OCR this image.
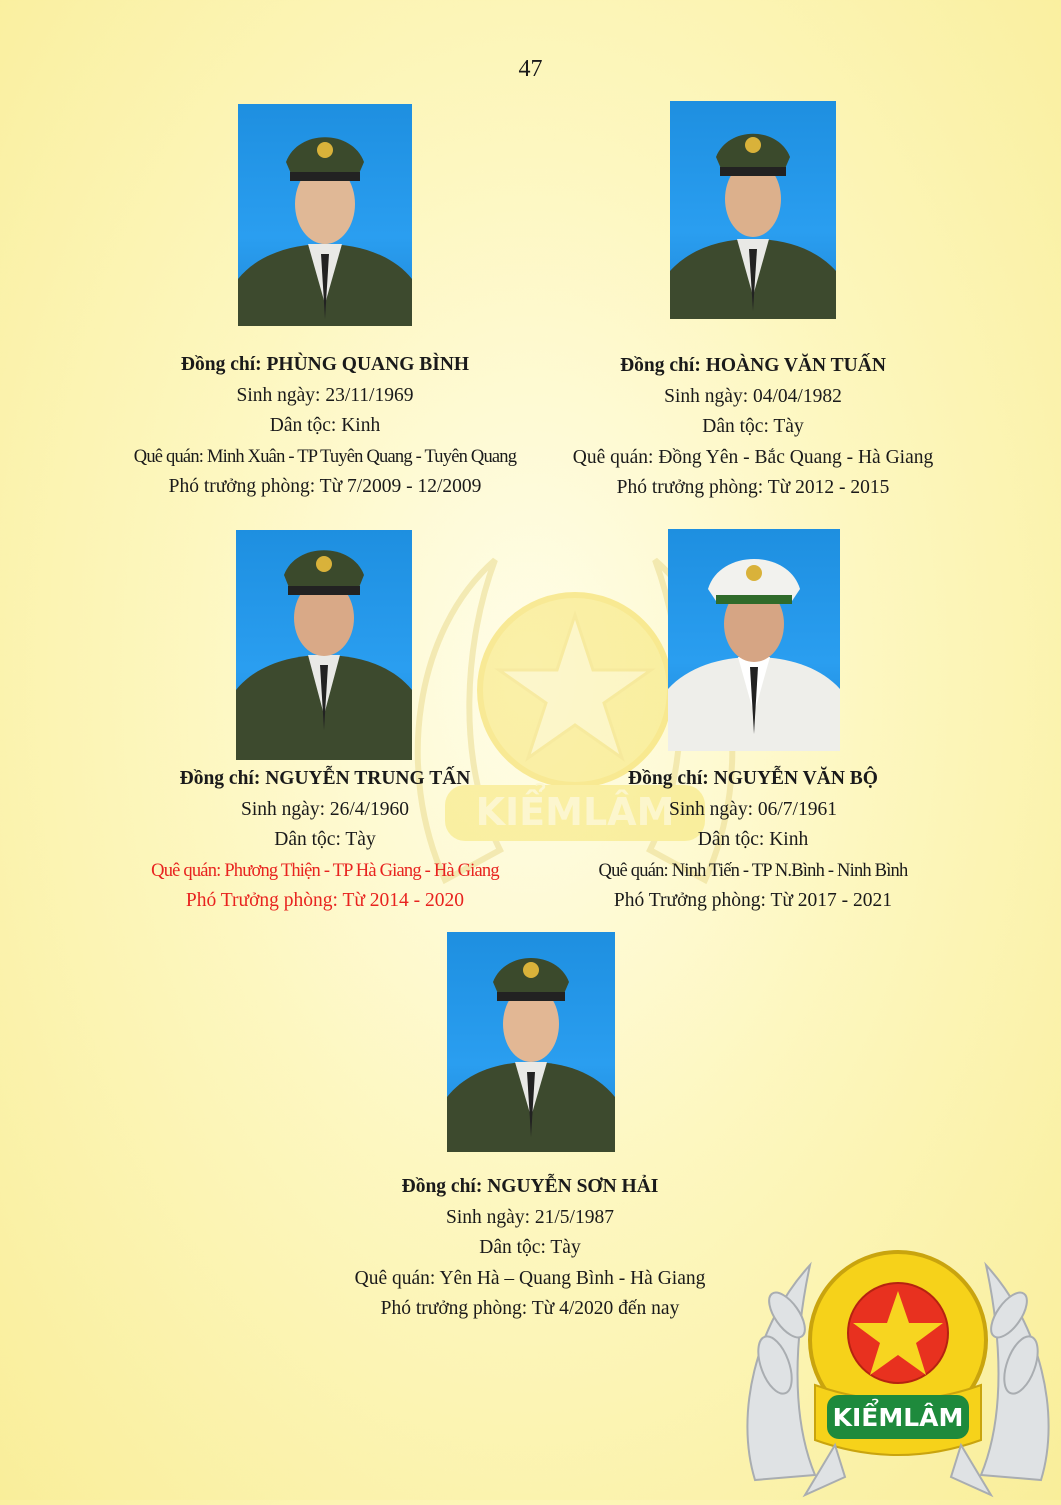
47
KIỂMLÂM
Đồng chí: PHÙNG QUANG BÌNH
Sinh ngày: 23/11/1969
Dân tộc: Kinh
Quê quán: Minh Xuân - TP Tuyên Quang - Tuyên Quang
Phó trưởng phòng: Từ 7/2009 - 12/2009
Đồng chí: HOÀNG VĂN TUẤN
Sinh ngày: 04/04/1982
Dân tộc: Tày
Quê quán: Đồng Yên - Bắc Quang - Hà Giang
Phó trưởng phòng: Từ 2012 - 2015
Đồng chí: NGUYỄN TRUNG TẤN
Sinh ngày: 26/4/1960
Dân tộc: Tày
Quê quán: Phương Thiện - TP Hà Giang - Hà Giang
Phó Trưởng phòng: Từ 2014 - 2020
Đồng chí: NGUYỄN VĂN BỘ
Sinh ngày: 06/7/1961
Dân tộc: Kinh
Quê quán: Ninh Tiến - TP N.Bình - Ninh Bình
Phó Trưởng phòng: Từ 2017 - 2021
Đồng chí: NGUYỄN SƠN HẢI
Sinh ngày: 21/5/1987
Dân tộc: Tày
Quê quán: Yên Hà – Quang Bình - Hà Giang
Phó trưởng phòng: Từ 4/2020 đến nay
KIỂMLÂM
